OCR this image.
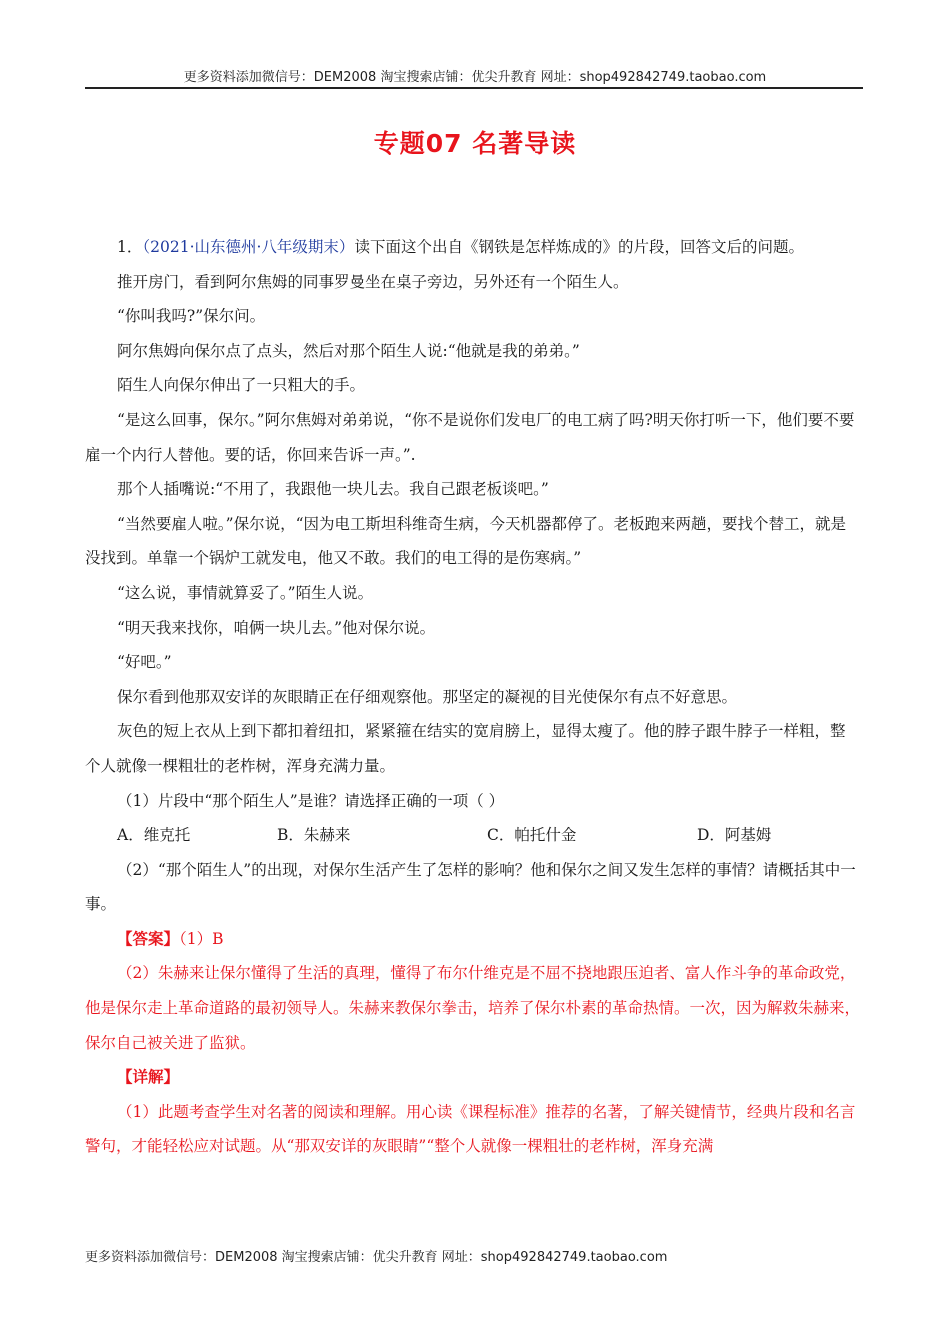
更多资料添加微信号：DEM2008 淘宝搜索店铺：优尖升教育 网址：shop492842749.taobao.com
专题07 名著导读

1．（2021·山东德州·八年级期末）读下面这个出自《钢铁是怎样炼成的》的片段，回答文后的问题。

推开房门，看到阿尔焦姆的同事罗曼坐在桌子旁边，另外还有一个陌生人。

“你叫我吗?”保尔问。

阿尔焦姆向保尔点了点头，然后对那个陌生人说:“他就是我的弟弟。”

陌生人向保尔伸出了一只粗大的手。

“是这么回事，保尔。”阿尔焦姆对弟弟说，“你不是说你们发电厂的电工病了吗?明天你打听一下，他们要不要雇一个内行人替他。要的话，你回来告诉一声。”.

那个人插嘴说:“不用了，我跟他一块儿去。我自己跟老板谈吧。”

“当然要雇人啦。”保尔说，“因为电工斯坦科维奇生病，今天机器都停了。老板跑来两趟，要找个替工，就是没找到。单靠一个锅炉工就发电，他又不敢。我们的电工得的是伤寒病。”

“这么说，事情就算妥了。”陌生人说。

“明天我来找你，咱俩一块儿去。”他对保尔说。

“好吧。”

保尔看到他那双安详的灰眼睛正在仔细观察他。那坚定的凝视的目光使保尔有点不好意思。

灰色的短上衣从上到下都扣着纽扣，紧紧箍在结实的宽肩膀上，显得太瘦了。他的脖子跟牛脖子一样粗，整个人就像一棵粗壮的老柞树，浑身充满力量。

（1）片段中“那个陌生人”是谁？请选择正确的一项（ ）

A．维克托	B．朱赫来	C．帕托什金	D．阿基姆

（2）“那个陌生人”的出现，对保尔生活产生了怎样的影响？他和保尔之间又发生怎样的事情？请概括其中一事。

【答案】（1）B

（2）朱赫来让保尔懂得了生活的真理，懂得了布尔什维克是不屈不挠地跟压迫者、富人作斗争的革命政党，他是保尔走上革命道路的最初领导人。朱赫来教保尔拳击，培养了保尔朴素的革命热情。一次，因为解救朱赫来，保尔自己被关进了监狱。

【详解】

（1）此题考查学生对名著的阅读和理解。用心读《课程标准》推荐的名著，了解关键情节，经典片段和名言警句，才能轻松应对试题。从“那双安详的灰眼睛”“整个人就像一棵粗壮的老柞树，浑身充满

更多资料添加微信号：DEM2008 淘宝搜索店铺：优尖升教育 网址：shop492842749.taobao.com
